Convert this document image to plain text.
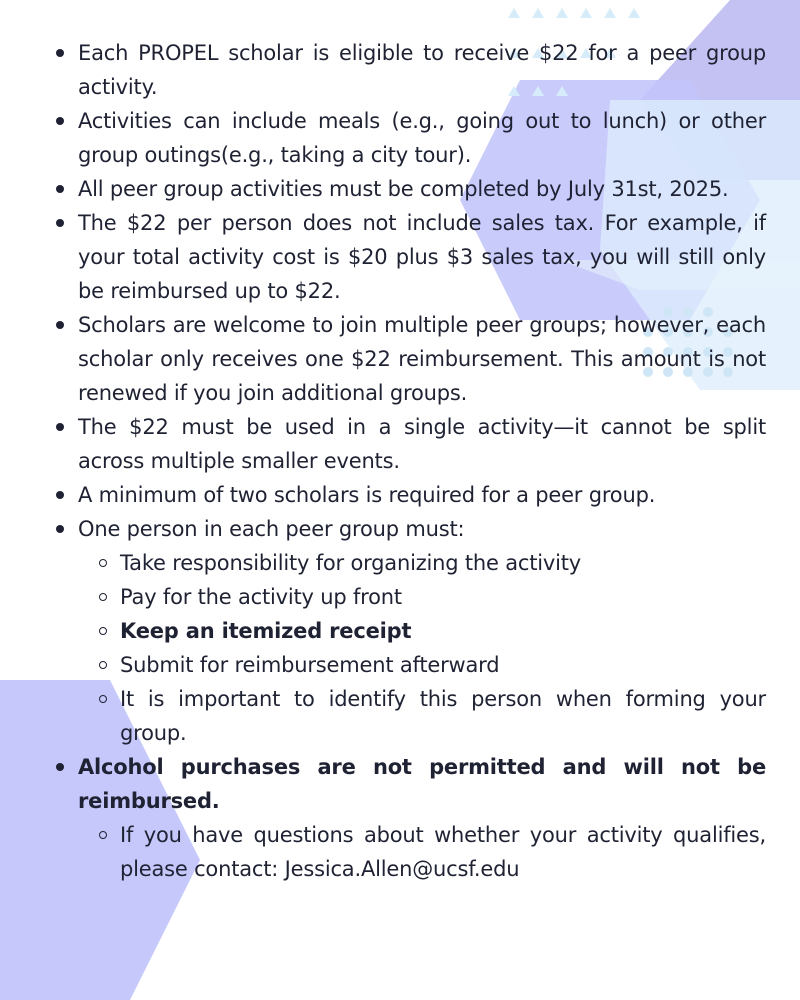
Each PROPEL scholar is eligible to receive $22 for a peer group activity.
Activities can include meals (e.g., going out to lunch) or other group outings(e.g., taking a city tour).
All peer group activities must be completed by July 31st, 2025.
The $22 per person does not include sales tax. For example, if your total activity cost is $20 plus $3 sales tax, you will still only be reimbursed up to $22.
Scholars are welcome to join multiple peer groups; however, each scholar only receives one $22 reimbursement. This amount is not renewed if you join additional groups.
The $22 must be used in a single activity—it cannot be split across multiple smaller events.
A minimum of two scholars is required for a peer group.
One person in each peer group must:
Take responsibility for organizing the activity
Pay for the activity up front
Keep an itemized receipt
Submit for reimbursement afterward
It is important to identify this person when forming your group.
Alcohol purchases are not permitted and will not be reimbursed.
If you have questions about whether your activity qualifies, please contact: Jessica.Allen@ucsf.edu
